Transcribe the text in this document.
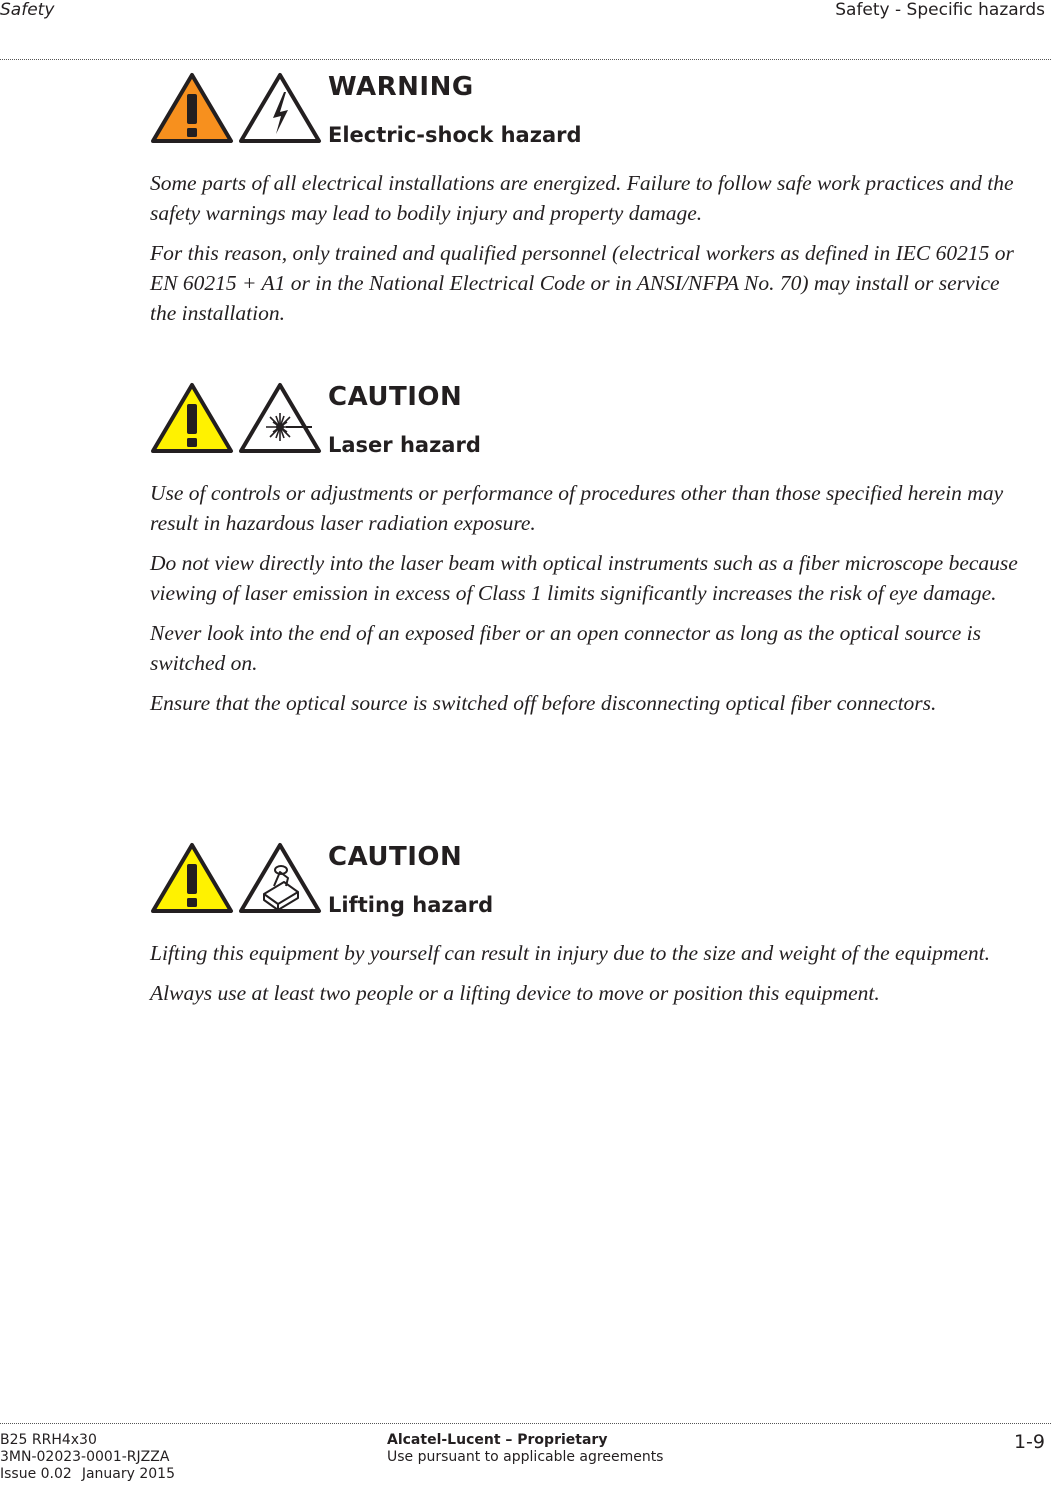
Safety	Safety - Specific hazards
WARNING
Electric-shock hazard

Some parts of all electrical installations are energized. Failure to follow safe work practices and the safety warnings may lead to bodily injury and property damage.

For this reason, only trained and qualified personnel (electrical workers as defined in IEC 60215 or EN 60215 + A1 or in the National Electrical Code or in ANSI/NFPA No. 70) may install or service the installation.

CAUTION
Laser hazard

Use of controls or adjustments or performance of procedures other than those specified herein may result in hazardous laser radiation exposure.

Do not view directly into the laser beam with optical instruments such as a fiber microscope because viewing of laser emission in excess of Class 1 limits significantly increases the risk of eye damage.

Never look into the end of an exposed fiber or an open connector as long as the optical source is switched on.

Ensure that the optical source is switched off before disconnecting optical fiber connectors.

CAUTION
Lifting hazard

Lifting this equipment by yourself can result in injury due to the size and weight of the equipment.

Always use at least two people or a lifting device to move or position this equipment.

B25 RRH4x30
3MN-02023-0001-RJZZA
Issue 0.02 January 2015
Alcatel-Lucent – Proprietary
Use pursuant to applicable agreements
1-9
